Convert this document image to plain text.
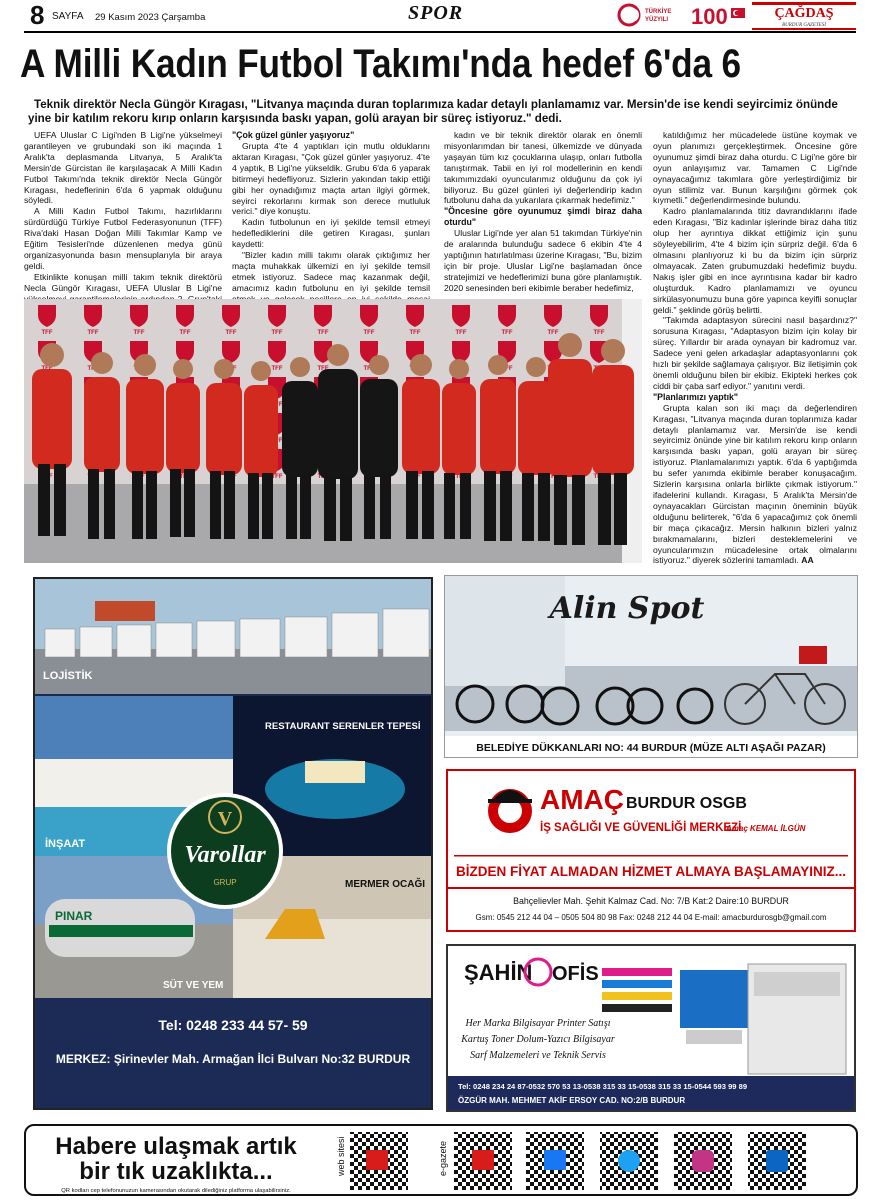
8 SAYFA 29 Kasım 2023 Çarşamba	SPOR	TÜRKİYE
YÜZYILI 100	ÇAĞDAŞ
BURDUR GAZETESİ
A Milli Kadın Futbol Takımı'nda hedef 6'da 6

Teknik direktör Necla Güngör Kıragası, "Litvanya maçında duran toplarımıza kadar detaylı planlamamız var. Mersin'de ise kendi seyircimiz önünde yine bir katılım rekoru kırıp onların karşısında baskı yapan, golü arayan bir süreç istiyoruz." dedi.

UEFA Uluslar C Ligi'nden B Ligi'ne yükselmeyi garantileyen ve grubundaki son iki maçında 1 Aralık'ta deplasmanda Litvanya, 5 Aralık'ta Mersin'de Gürcistan ile karşılaşacak A Milli Kadın Futbol Takımı'nda teknik direktör Necla Güngör Kıragası, hedeflerinin 6'da 6 yapmak olduğunu söyledi.

A Milli Kadın Futbol Takımı, hazırlıklarını sürdürdüğü Türkiye Futbol Federasyonunun (TFF) Riva'daki Hasan Doğan Milli Takımlar Kamp ve Eğitim Tesisleri'nde düzenlenen medya günü organizasyonunda basın mensuplarıyla bir araya geldi.

Etkinlikte konuşan milli takım teknik direktörü Necla Güngör Kıragası, UEFA Uluslar B Ligi'ne

"Çok güzel günler yaşıyoruz"

Grupta 4'te 4 yaptıkları için mutlu olduklarını aktaran Kıragası, "Çok güzel günler yaşıyoruz. 4'te 4 yaptık, B Ligi'ne yükseldik. Grubu 6'da 6 yaparak bitirmeyi hedefliyoruz. Sizlerin yakından takip ettiği gibi her oynadığımız maçta artan ilgiyi görmek, seyirci rekorlarını kırmak son derece mutluluk verici." diye konuştu.

Kadın futbolunun en iyi şekilde temsil etmeyi hedeflediklerini dile getiren Kıragası, şunları kaydetti:

"Bizler kadın milli takımı olarak çıktığımız her maçta muhakkak ülkemizi en iyi şekilde temsil etmek istiyoruz. Sadece maç kazanmak değil, amacımız kadın futbolunu en iyi şekilde temsil

kadın ve bir teknik direktör olarak en önemli misyonlarımdan bir tanesi, ülkemizde ve dünyada yaşayan tüm kız çocuklarına ulaşıp, onları futbolla tanıştırmak. Tabii en iyi rol modellerinin en kendi takımımızdaki oyuncularımız olduğunu da çok iyi biliyoruz. Bu güzel günleri iyi değerlendirip kadın futbolunu daha da yukarılara çıkarmak hedefimiz."

"Öncesine göre oyunumuz şimdi biraz daha oturdu"

Uluslar Ligi'nde yer alan 51 takımdan Türkiye'nin de aralarında bulunduğu sadece 6 ekibin 4'te 4 yaptığının hatırlatılması üzerine Kıragası, "Bu, bizim için bir proje. Uluslar Ligi'ne başlamadan önce stratejimizi ve hedeflerimizi buna göre planlamıştık. 2020 senesinden beri ekibimle beraber hedefimiz,

katıldığımız her mücadelede üstüne koymak ve oyun planımızı gerçekleştirmek. Öncesine göre oyunumuz şimdi biraz daha oturdu. C Ligi'ne göre bir oyun anlayışımız var. Tamamen C Ligi'nde oynayacağımız takımlara göre yerleştirdiğimiz bir oyun stilimiz var. Bunun karşılığını görmek çok kıymetli." değerlendirmesinde bulundu.

Kadro planlamalarında titiz davrandıklarını ifade eden Kıragası, "Biz kadınlar işlerinde biraz daha titiz olup her ayrıntıya dikkat ettiğimiz için şunu söyleyebilirim, 4'te 4 bizim için sürpriz değil. 6'da 6 olmasını planlıyoruz ki bu da bizim için sürpriz olmayacak. Zaten grubumuzdaki hedefimiz buydu. Nakış işler gibi en ince ayrıntısına kadar bir kadro oluşturduk. Kadro planlamamızı ve oyuncu sirkülasyonumuzu buna göre yapınca keyifli sonuçlar geldi." şeklinde görüş belirtti.

"Takımda adaptasyon sürecini nasıl başardınız?" sorusuna Kıragası, "Adaptasyon bizim için kolay bir süreç. Yıllardır bir arada oynayan bir kadromuz var. Sadece yeni gelen arkadaşlar adaptasyonlarını çok hızlı bir şekilde sağlamaya çalışıyor. Biz iletişimin çok önemli olduğunu bilen bir ekibiz. Ekipteki herkes çok ciddi bir çaba sarf ediyor." yanıtını verdi.

"Planlarımızı yaptık"

Grupta kalan son iki maçı da değerlendiren Kıragası, "Litvanya maçında duran toplarımıza kadar detaylı planlamamız var. Mersin'de ise kendi seyircimiz önünde yine bir katılım rekoru kırıp onların karşısında baskı yapan, golü arayan bir süreç istiyoruz. Planlamalarımızı yaptık. 6'da 6 yaptığımda bu sefer yanımda ekibimle beraber konuşacağım. Sizlerin karşısına onlarla birlikte çıkmak istiyorum." ifadelerini kullandı. Kıragası, 5 Aralık'ta Mersin'de oynayacakları Gürcistan maçının öneminin büyük olduğunu belirterek, "6'da 6 yapacağımız çok önemli bir maça çıkacağız. Mersin halkının bizleri yalnız bırakmamalarını, bizleri desteklemelerini ve oyuncularımızın mücadelesine ortak olmalarını istiyoruz." diyerek sözlerini tamamladı. AA

LOJİSTİK
İNŞAAT
RESTAURANT SERENLER TEPESİ
PINAR
SÜT VE YEM
MERMER OCAĞI
V
Varollar
GRUP
Tel: 0248 233 44 57- 59
MERKEZ: Şirinevler Mah. Armağan İlci Bulvarı No:32 BURDUR
Alin Spot
BELEDİYE DÜKKANLARI NO: 44 BURDUR (MÜZE ALTI AŞAĞI PAZAR)
AMAÇ BURDUR OSGB
İŞ SAĞLIĞI VE GÜVENLİĞİ MERKEZİ
Amaç KEMAL İLGÜN
BİZDEN FİYAT ALMADAN HİZMET ALMAYA BAŞLAMAYINIZ...
Bahçelievler Mah. Şehit Kalmaz Cad. No: 7/B Kat:2 Daire:10 BURDUR
Gsm: 0545 212 44 04 – 0505 504 80 98 Fax: 0248 212 44 04 E-mail: amacburdurosgb@gmail.com
ŞAHİN OFİS
Her Marka Bilgisayar Printer Satışı
Kartuş Toner Dolum-Yazıcı Bilgisayar
Sarf Malzemeleri ve Teknik Servis
Tel: 0248 234 24 87-0532 570 53 13-0538 315 33 15-0538 315 33 15-0544 593 99 89
ÖZGÜR MAH. MEHMET AKİF ERSOY CAD. NO:2/B BURDUR
Habere ulaşmak artık
bir tık uzaklıkta...
QR kodları cep telefonunuzun kamerasından okutarak dilediğiniz platforma ulaşabilirsiniz.
web sitesi	e-gazete
